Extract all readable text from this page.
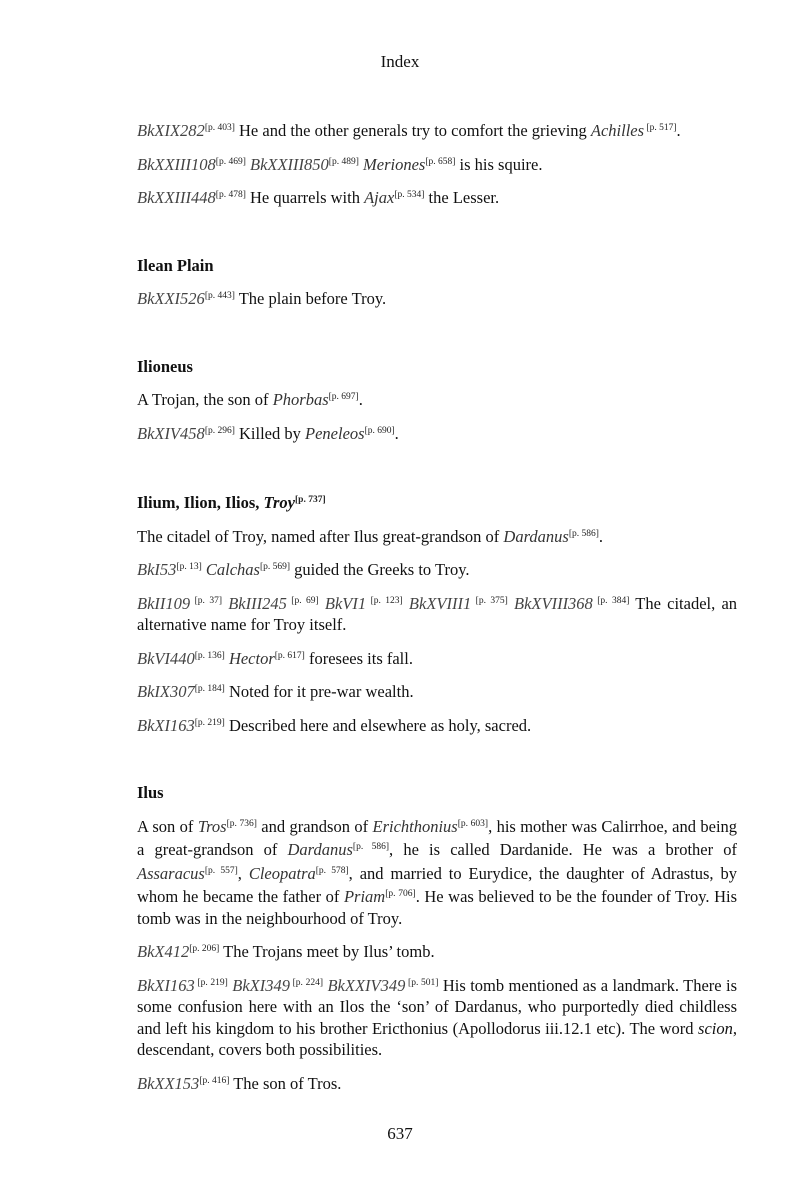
Index

BkXIX282[p. 403] He and the other generals try to comfort the grieving Achilles [p. 517].

BkXXIII108[p. 469] BkXXIII850[p. 489] Meriones[p. 658] is his squire.

BkXXIII448[p. 478] He quarrels with Ajax[p. 534] the Lesser.

Ilean Plain

BkXXI526[p. 443] The plain before Troy.

Ilioneus

A Trojan, the son of Phorbas[p. 697].

BkXIV458[p. 296] Killed by Peneleos[p. 690].

Ilium, Ilion, Ilios, Troy[p. 737]

The citadel of Troy, named after Ilus great-grandson of Dardanus[p. 586].

BkI53[p. 13] Calchas[p. 569] guided the Greeks to Troy.

BkII109 [p. 37] BkIII245 [p. 69] BkVI1 [p. 123] BkXVIII1 [p. 375] BkXVIII368 [p. 384] The citadel, an alternative name for Troy itself.

BkVI440[p. 136] Hector[p. 617] foresees its fall.

BkIX307[p. 184] Noted for it pre-war wealth.

BkXI163[p. 219] Described here and elsewhere as holy, sacred.

Ilus

A son of Tros[p. 736] and grandson of Erichthonius[p. 603], his mother was Calirrhoe, and being a great-grandson of Dardanus[p. 586], he is called Dardanide. He was a brother of Assaracus[p. 557], Cleopatra[p. 578], and married to Eurydice, the daughter of Adrastus, by whom he became the father of Priam[p. 706]. He was believed to be the founder of Troy. His tomb was in the neighbourhood of Troy.

BkX412[p. 206] The Trojans meet by Ilus’ tomb.

BkXI163 [p. 219] BkXI349 [p. 224] BkXXIV349 [p. 501] His tomb mentioned as a landmark. There is some confusion here with an Ilos the ‘son’ of Dardanus, who purportedly died childless and left his kingdom to his brother Ericthonius (Apollodorus iii.12.1 etc). The word scion, descendant, covers both possibilities.

BkXX153[p. 416] The son of Tros.

637
